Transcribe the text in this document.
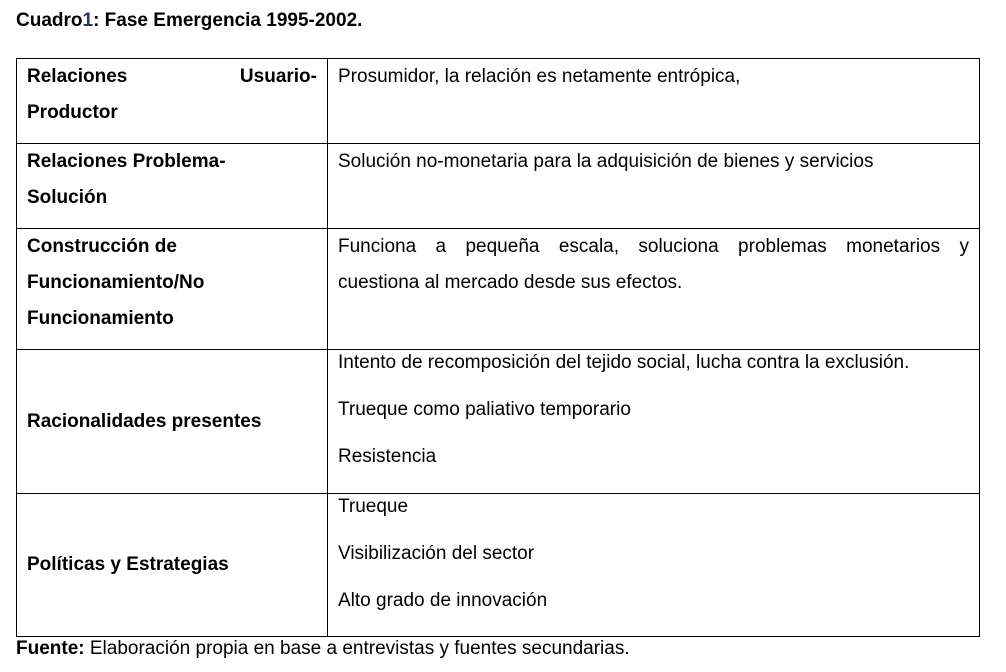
Cuadro1: Fase Emergencia 1995-2002.
Relaciones Usuario-
Productor	Prosumidor, la relación es netamente entrópica,

Relaciones Problema-
Solución	Solución no-monetaria para la adquisición de bienes y servicios

Construcción de
Funcionamiento/No
Funcionamiento	Funciona a pequeña escala, soluciona problemas monetarios y
cuestiona al mercado desde sus efectos.

Racionalidades presentes	Intento de recomposición del tejido social, lucha contra la exclusión.
Trueque como paliativo temporario
Resistencia

Políticas y Estrategias	Trueque
Visibilización del sector
Alto grado de innovación
Fuente: Elaboración propia en base a entrevistas y fuentes secundarias.
